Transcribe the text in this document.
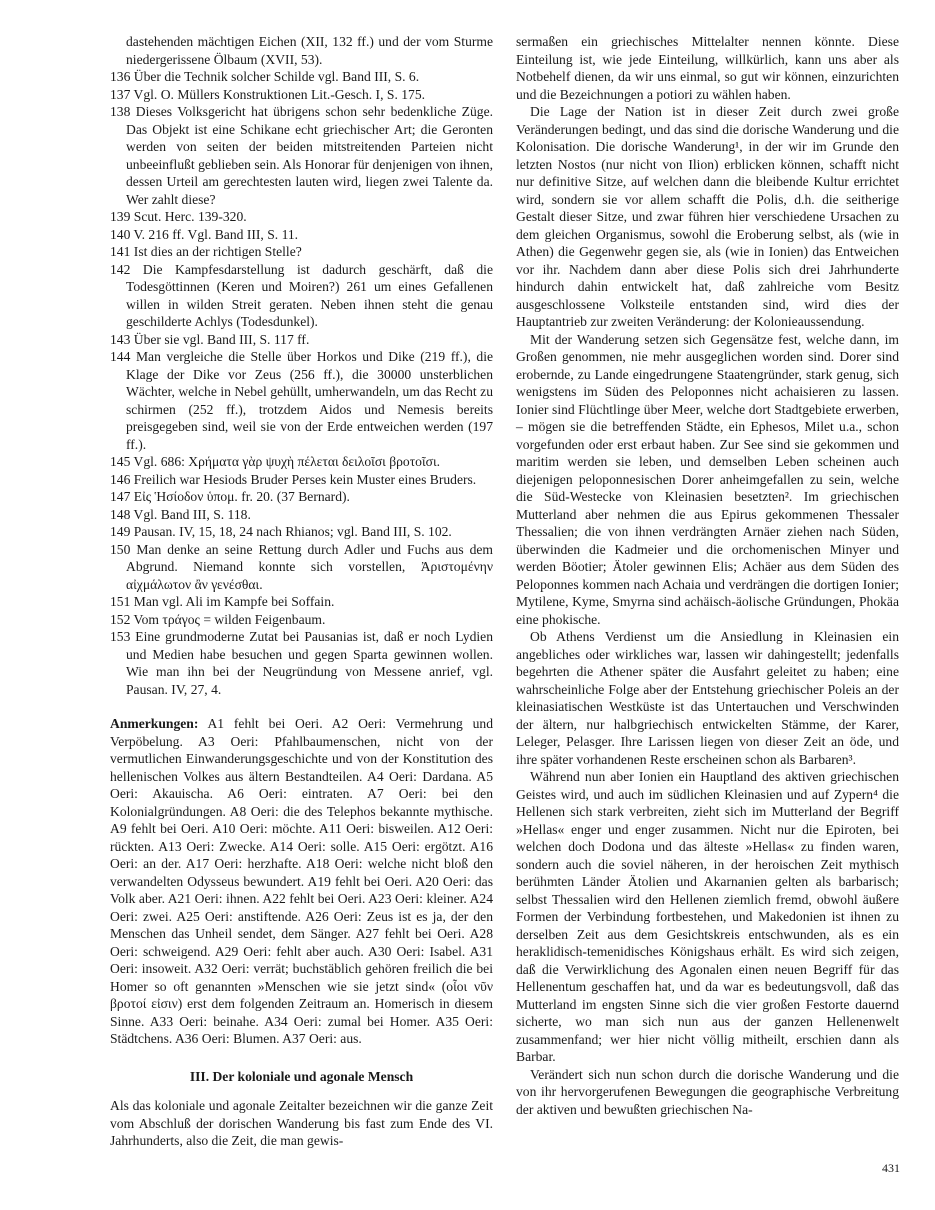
dastehenden mächtigen Eichen (XII, 132 ff.) und der vom Sturme niedergerissene Ölbaum (XVII, 53).
136 Über die Technik solcher Schilde vgl. Band III, S. 6.
137 Vgl. O. Müllers Konstruktionen Lit.-Gesch. I, S. 175.
138 Dieses Volksgericht hat übrigens schon sehr bedenkliche Züge. Das Objekt ist eine Schikane echt griechischer Art; die Geronten werden von seiten der beiden mitstreitenden Parteien nicht unbeeinflußt geblieben sein. Als Honorar für denjenigen von ihnen, dessen Urteil am gerechtesten lauten wird, liegen zwei Talente da. Wer zahlt diese?
139 Scut. Herc. 139-320.
140 V. 216 ff. Vgl. Band III, S. 11.
141 Ist dies an der richtigen Stelle?
142 Die Kampfesdarstellung ist dadurch geschärft, daß die Todesgöttinnen (Keren und Moiren?) 261 um eines Gefallenen willen in wilden Streit geraten. Neben ihnen steht die genau geschilderte Achlys (Todesdunkel).
143 Über sie vgl. Band III, S. 117 ff.
144 Man vergleiche die Stelle über Horkos und Dike (219 ff.), die Klage der Dike vor Zeus (256 ff.), die 30000 unsterblichen Wächter, welche in Nebel gehüllt, umherwandeln, um das Recht zu schirmen (252 ff.), trotzdem Aidos und Nemesis bereits preisgegeben sind, weil sie von der Erde entweichen werden (197 ff.).
145 Vgl. 686: Χρήματα γὰρ ψυχὴ πέλεται δειλοῖσι βροτοῖσι.
146 Freilich war Hesiods Bruder Perses kein Muster eines Bruders.
147 Εἰς Ἡσίοδον ὑπομ. fr. 20. (37 Bernard).
148 Vgl. Band III, S. 118.
149 Pausan. IV, 15, 18, 24 nach Rhianos; vgl. Band III, S. 102.
150 Man denke an seine Rettung durch Adler und Fuchs aus dem Abgrund. Niemand konnte sich vorstellen, Ἀριστομένην αἰχμάλωτον ἂν γενέσθαι.
151 Man vgl. Ali im Kampfe bei Soffain.
152 Vom τράγος = wilden Feigenbaum.
153 Eine grundmoderne Zutat bei Pausanias ist, daß er noch Lydien und Medien habe besuchen und gegen Sparta gewinnen wollen. Wie man ihn bei der Neugründung von Messene anrief, vgl. Pausan. IV, 27, 4.
Anmerkungen: A1 fehlt bei Oeri. A2 Oeri: Vermehrung und Verpöbelung. A3 Oeri: Pfahlbaumenschen, nicht von der vermutlichen Einwanderungsgeschichte und von der Konstitution des hellenischen Volkes aus ältern Bestandteilen. A4 Oeri: Dardana. A5 Oeri: Akauischa. A6 Oeri: eintraten. A7 Oeri: bei den Kolonialgründungen. A8 Oeri: die des Telephos bekannte mythische. A9 fehlt bei Oeri. A10 Oeri: möchte. A11 Oeri: bisweilen. A12 Oeri: rückten. A13 Oeri: Zwecke. A14 Oeri: solle. A15 Oeri: ergötzt. A16 Oeri: an der. A17 Oeri: herzhafte. A18 Oeri: welche nicht bloß den verwandelten Odysseus bewundert. A19 fehlt bei Oeri. A20 Oeri: das Volk aber. A21 Oeri: ihnen. A22 fehlt bei Oeri. A23 Oeri: kleiner. A24 Oeri: zwei. A25 Oeri: anstiftende. A26 Oeri: Zeus ist es ja, der den Menschen das Unheil sendet, dem Sänger. A27 fehlt bei Oeri. A28 Oeri: schweigend. A29 Oeri: fehlt aber auch. A30 Oeri: Isabel. A31 Oeri: insoweit. A32 Oeri: verrät; buchstäblich gehören freilich die bei Homer so oft genannten »Menschen wie sie jetzt sind« (οἷοι νῦν βροτοί εἰσιν) erst dem folgenden Zeitraum an. Homerisch in diesem Sinne. A33 Oeri: beinahe. A34 Oeri: zumal bei Homer. A35 Oeri: Städtchens. A36 Oeri: Blumen. A37 Oeri: aus.
III. Der koloniale und agonale Mensch
Als das koloniale und agonale Zeitalter bezeichnen wir die ganze Zeit vom Abschluß der dorischen Wanderung bis fast zum Ende des VI. Jahrhunderts, also die Zeit, die man gewis-
sermaßen ein griechisches Mittelalter nennen könnte. Diese Einteilung ist, wie jede Einteilung, willkürlich, kann uns aber als Notbehelf dienen, da wir uns einmal, so gut wir können, einzurichten und die Bezeichnungen a potiori zu wählen haben.
Die Lage der Nation ist in dieser Zeit durch zwei große Veränderungen bedingt, und das sind die dorische Wanderung und die Kolonisation. Die dorische Wanderung¹, in der wir im Grunde den letzten Nostos (nur nicht von Ilion) erblicken können, schafft nicht nur definitive Sitze, auf welchen dann die bleibende Kultur errichtet wird, sondern sie vor allem schafft die Polis, d.h. die seitherige Gestalt dieser Sitze, und zwar führen hier verschiedene Ursachen zu dem gleichen Organismus, sowohl die Eroberung selbst, als (wie in Athen) die Gegenwehr gegen sie, als (wie in Ionien) das Entweichen vor ihr. Nachdem dann aber diese Polis sich drei Jahrhunderte hindurch dahin entwickelt hat, daß zahlreiche vom Besitz ausgeschlossene Volksteile entstanden sind, wird dies der Hauptantrieb zur zweiten Veränderung: der Kolonieaussendung.
Mit der Wanderung setzen sich Gegensätze fest, welche dann, im Großen genommen, nie mehr ausgeglichen worden sind. Dorer sind erobernde, zu Lande eingedrungene Staatengründer, stark genug, sich wenigstens im Süden des Peloponnes nicht achaisieren zu lassen. Ionier sind Flüchtlinge über Meer, welche dort Stadtgebiete erwerben, – mögen sie die betreffenden Städte, ein Ephesos, Milet u.a., schon vorgefunden oder erst erbaut haben. Zur See sind sie gekommen und maritim werden sie leben, und demselben Leben scheinen auch diejenigen peloponnesischen Dorer anheimgefallen zu sein, welche die Süd-Westecke von Kleinasien besetzten². Im griechischen Mutterland aber nehmen die aus Epirus gekommenen Thessaler Thessalien; die von ihnen verdrängten Arnäer ziehen nach Süden, überwinden die Kadmeier und die orchomenischen Minyer und werden Böotier; Ätoler gewinnen Elis; Achäer aus dem Süden des Peloponnes kommen nach Achaia und verdrängen die dortigen Ionier; Mytilene, Kyme, Smyrna sind achäisch-äolische Gründungen, Phokäa eine phokische.
Ob Athens Verdienst um die Ansiedlung in Kleinasien ein angebliches oder wirkliches war, lassen wir dahingestellt; jedenfalls begehrten die Athener später die Ausfahrt geleitet zu haben; eine wahrscheinliche Folge aber der Entstehung griechischer Poleis an der kleinasiatischen Westküste ist das Untertauchen und Verschwinden der ältern, nur halbgriechisch entwickelten Stämme, der Karer, Leleger, Pelasger. Ihre Larissen liegen von dieser Zeit an öde, und ihre später vorhandenen Reste erscheinen schon als Barbaren³.
Während nun aber Ionien ein Hauptland des aktiven griechischen Geistes wird, und auch im südlichen Kleinasien und auf Zypern⁴ die Hellenen sich stark verbreiten, zieht sich im Mutterland der Begriff »Hellas« enger und enger zusammen. Nicht nur die Epiroten, bei welchen doch Dodona und das älteste »Hellas« zu finden waren, sondern auch die soviel näheren, in der heroischen Zeit mythisch berühmten Länder Ätolien und Akarnanien gelten als barbarisch; selbst Thessalien wird den Hellenen ziemlich fremd, obwohl äußere Formen der Verbindung fortbestehen, und Makedonien ist ihnen zu derselben Zeit aus dem Gesichtskreis entschwunden, als es ein heraklidisch-temenidisches Königshaus erhält. Es wird sich zeigen, daß die Verwirklichung des Agonalen einen neuen Begriff für das Hellenentum geschaffen hat, und da war es bedeutungsvoll, daß das Mutterland im engsten Sinne sich die vier großen Festorte dauernd sicherte, wo man sich nun aus der ganzen Hellenenwelt zusammenfand; wer hier nicht völlig mitheilt, erschien dann als Barbar.
Verändert sich nun schon durch die dorische Wanderung und die von ihr hervorgerufenen Bewegungen die geographische Verbreitung der aktiven und bewußten griechischen Na-
431
